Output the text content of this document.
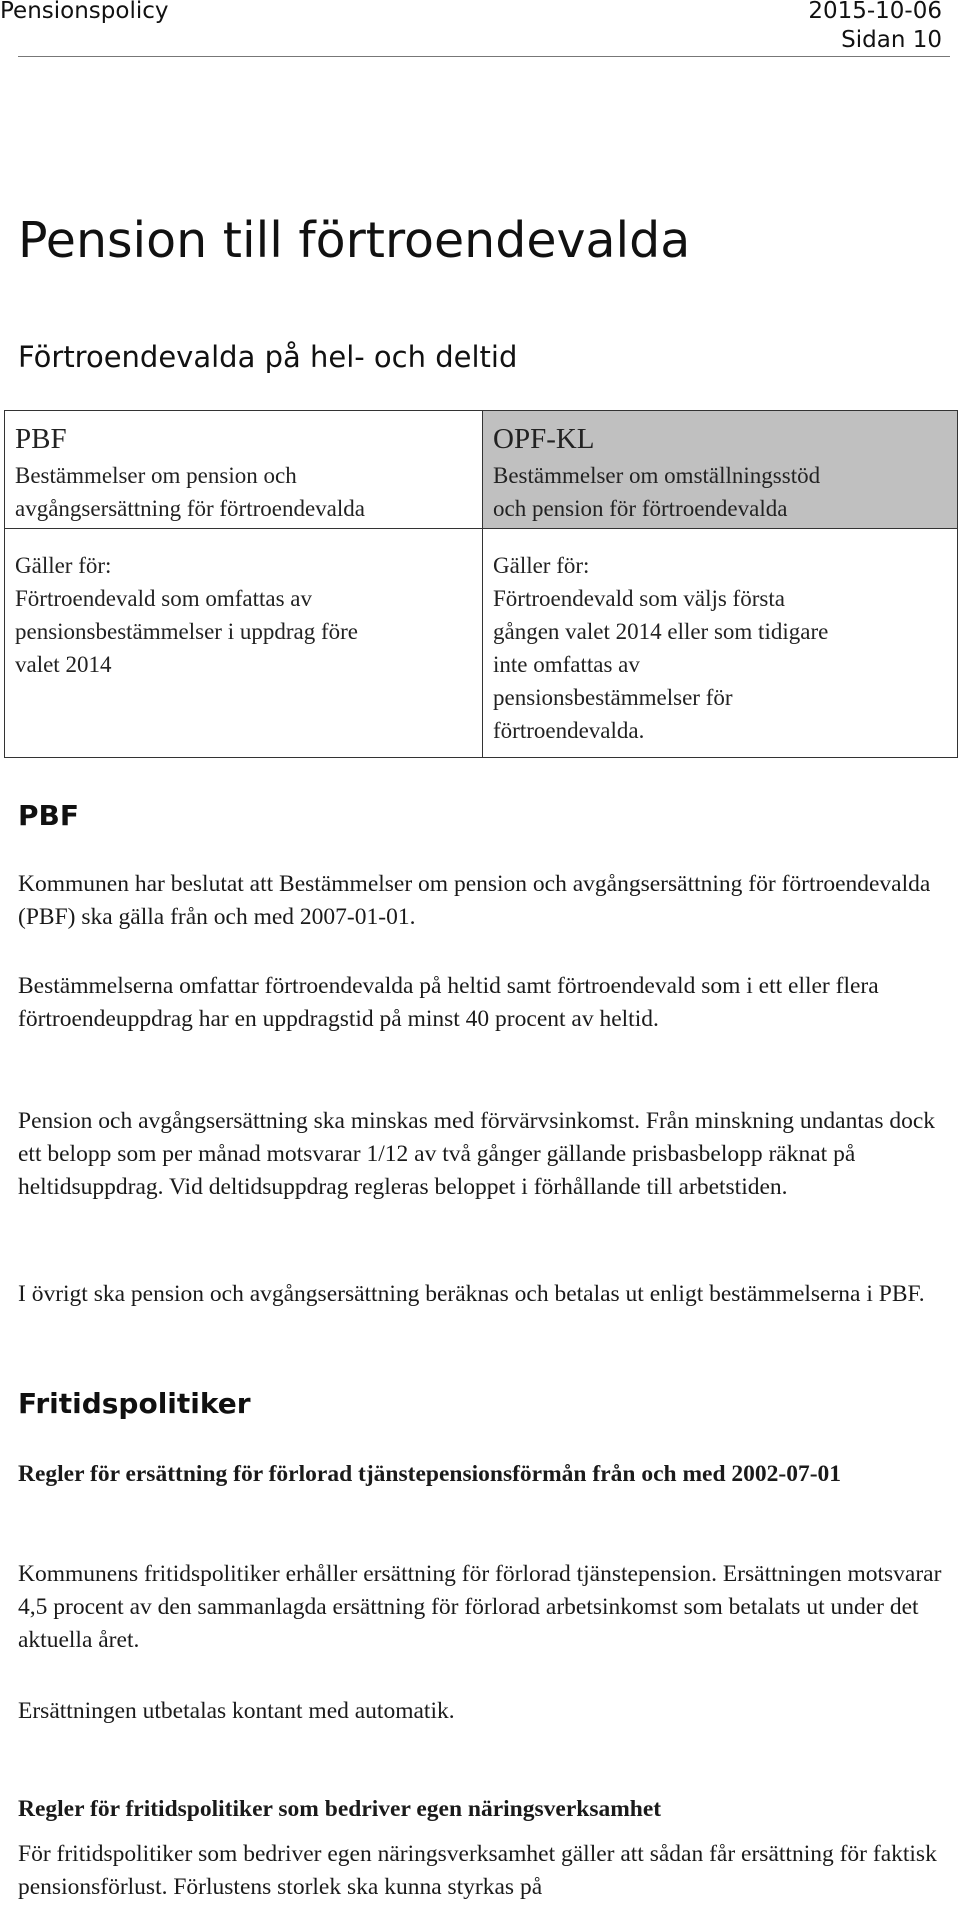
Pensionspolicy	2015-10-06
Sidan 10
Pension till förtroendevalda
Förtroendevalda på hel- och deltid
PBF
Bestämmelser om pension och
avgångsersättning för förtroendevalda
Gäller för:
Förtroendevald som omfattas av
pensionsbestämmelser i uppdrag före
valet 2014
OPF-KL
Bestämmelser om omställningsstöd
och pension för förtroendevalda
Gäller för:
Förtroendevald som väljs första
gången valet 2014 eller som tidigare
inte omfattas av
pensionsbestämmelser för
förtroendevalda.
PBF

Kommunen har beslutat att Bestämmelser om pension och avgångsersättning för förtroendevalda (PBF) ska gälla från och med 2007-01-01.

Bestämmelserna omfattar förtroendevalda på heltid samt förtroendevald som i ett eller flera förtroendeuppdrag har en uppdragstid på minst 40 procent av heltid.

Pension och avgångsersättning ska minskas med förvärvsinkomst. Från minskning undantas dock ett belopp som per månad motsvarar 1/12 av två gånger gällande prisbasbelopp räknat på heltidsuppdrag. Vid deltidsuppdrag regleras beloppet i förhållande till arbetstiden.

I övrigt ska pension och avgångsersättning beräknas och betalas ut enligt bestämmelserna i PBF.

Fritidspolitiker

Regler för ersättning för förlorad tjänstepensionsförmån från och med 2002-07-01

Kommunens fritidspolitiker erhåller ersättning för förlorad tjänstepension. Ersättningen motsvarar 4,5 procent av den sammanlagda ersättning för förlorad arbetsinkomst som betalats ut under det aktuella året.

Ersättningen utbetalas kontant med automatik.

Regler för fritidspolitiker som bedriver egen näringsverksamhet

För fritidspolitiker som bedriver egen näringsverksamhet gäller att sådan får ersättning för faktisk pensionsförlust. Förlustens storlek ska kunna styrkas på
